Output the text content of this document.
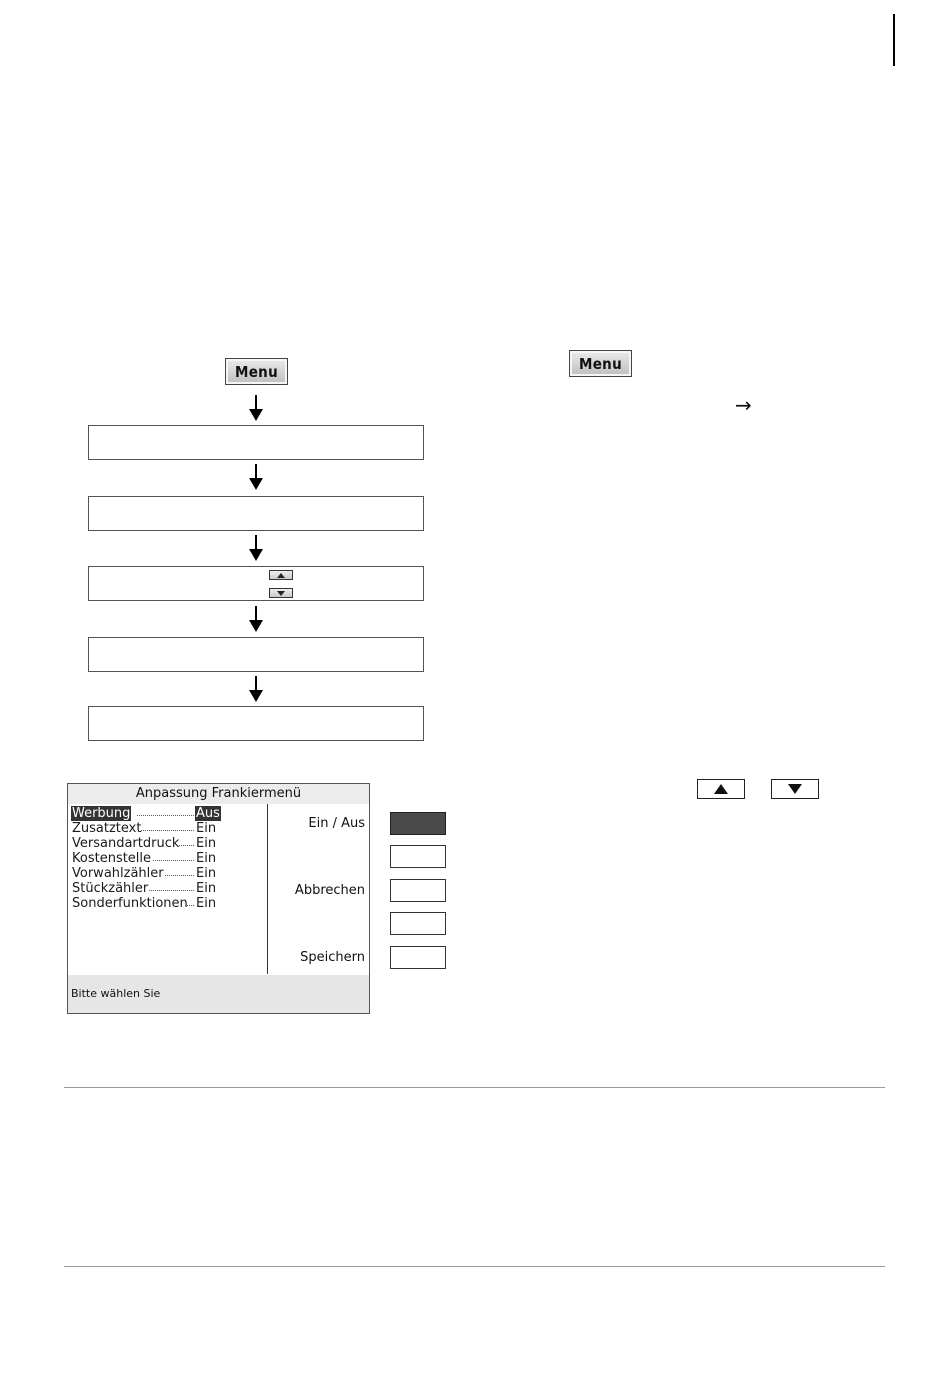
Menu	Menu
→
Anpassung Frankiermenü
Werbung	Aus
Zusatztext	Ein
Versandartdruck Ein
Kostenstelle	Ein
Vorwahlzähler Ein
Stückzähler	Ein
Sonderfunktionen Ein
Ein / Aus
Abbrechen
Speichern
Bitte wählen Sie
